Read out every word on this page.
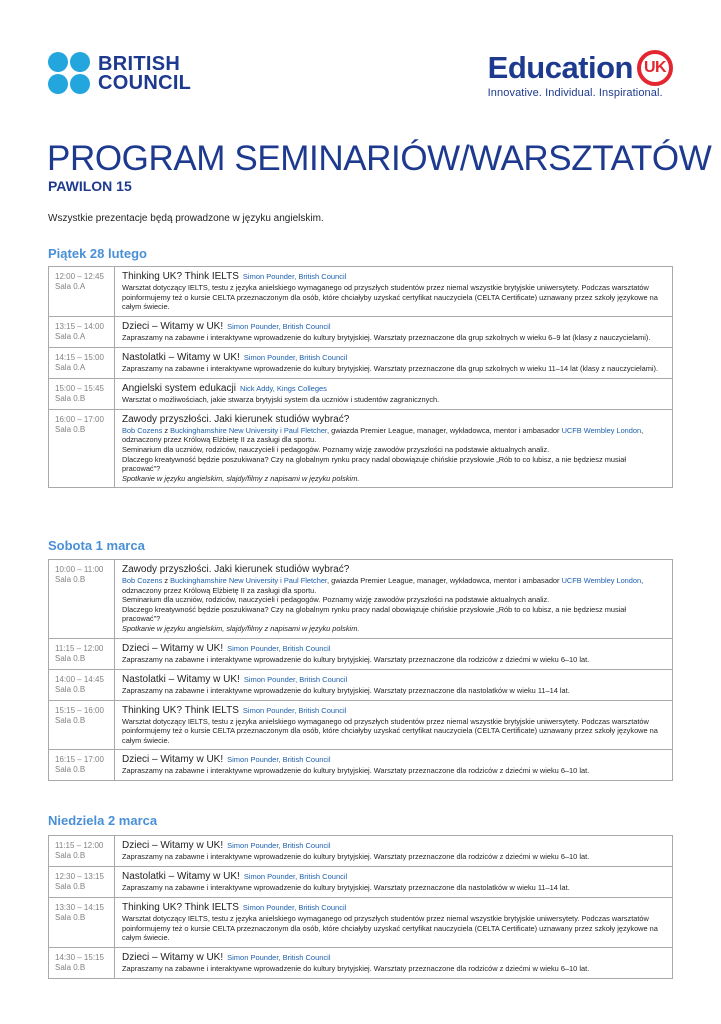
BRITISH
COUNCIL	Education UK
Innovative. Individual. Inspirational.
PROGRAM SEMINARIÓW/WARSZTATÓW
PAWILON 15
Wszystkie prezentacje będą prowadzone w języku angielskim.
Piątek 28 lutego
12:00 – 12:45
Sala 0.A
Thinking UK? Think IELTS Simon Pounder, British Council
Warsztat dotyczący IELTS, testu z języka anielskiego wymaganego od przyszłych studentów przez niemal wszystkie brytyjskie uniwersytety. Podczas warsztatów poinformujemy też o kursie CELTA przeznaczonym dla osób, które chciałyby uzyskać certyfikat nauczyciela (CELTA Certificate) uznawany przez szkoły językowe na całym świecie.
13:15 – 14:00
Sala 0.A
Dzieci – Witamy w UK! Simon Pounder, British Council
Zapraszamy na zabawne i interaktywne wprowadzenie do kultury brytyjskiej. Warsztaty przeznaczone dla grup szkolnych w wieku 6–9 lat (klasy z nauczycielami).
14:15 – 15:00
Sala 0.A
Nastolatki – Witamy w UK! Simon Pounder, British Council
Zapraszamy na zabawne i interaktywne wprowadzenie do kultury brytyjskiej. Warsztaty przeznaczone dla grup szkolnych w wieku 11–14 lat (klasy z nauczycielami).
15:00 – 15:45
Sala 0.B
Angielski system edukacji Nick Addy, Kings Colleges
Warsztat o możliwościach, jakie stwarza brytyjski system dla uczniów i studentów zagranicznych.
16:00 – 17:00
Sala 0.B
Zawody przyszłości. Jaki kierunek studiów wybrać?
Bob Cozens z Buckinghamshire New University i Paul Fletcher, gwiazda Premier League, manager, wykładowca, mentor i ambasador UCFB Wembley London, odznaczony przez Królową Elżbietę II za zasługi dla sportu.
Seminarium dla uczniów, rodziców, nauczycieli i pedagogów. Poznamy wizję zawodów przyszłości na podstawie aktualnych analiz.
Dlaczego kreatywność będzie poszukiwana? Czy na globalnym rynku pracy nadal obowiązuje chińskie przysłowie „Rób to co lubisz, a nie będziesz musiał pracować”?
Spotkanie w języku angielskim, slajdy/filmy z napisami w języku polskim.
Sobota 1 marca
10:00 – 11:00
Sala 0.B
Zawody przyszłości. Jaki kierunek studiów wybrać?
Bob Cozens z Buckinghamshire New University i Paul Fletcher, gwiazda Premier League, manager, wykładowca, mentor i ambasador UCFB Wembley London, odznaczony przez Królową Elżbietę II za zasługi dla sportu.
Seminarium dla uczniów, rodziców, nauczycieli i pedagogów. Poznamy wizję zawodów przyszłości na podstawie aktualnych analiz.
Dlaczego kreatywność będzie poszukiwana? Czy na globalnym rynku pracy nadal obowiązuje chińskie przysłowie „Rób to co lubisz, a nie będziesz musiał pracować”?
Spotkanie w języku angielskim, slajdy/filmy z napisami w języku polskim.
11:15 – 12:00
Sala 0.B
Dzieci – Witamy w UK! Simon Pounder, British Council
Zapraszamy na zabawne i interaktywne wprowadzenie do kultury brytyjskiej. Warsztaty przeznaczone dla rodziców z dziećmi w wieku 6–10 lat.
14:00 – 14:45
Sala 0.B
Nastolatki – Witamy w UK! Simon Pounder, British Council
Zapraszamy na zabawne i interaktywne wprowadzenie do kultury brytyjskiej. Warsztaty przeznaczone dla nastolatków w wieku 11–14 lat.
15:15 – 16:00
Sala 0.B
Thinking UK? Think IELTS Simon Pounder, British Council
Warsztat dotyczący IELTS, testu z języka anielskiego wymaganego od przyszłych studentów przez niemal wszystkie brytyjskie uniwersytety. Podczas warsztatów poinformujemy też o kursie CELTA przeznaczonym dla osób, które chciałyby uzyskać certyfikat nauczyciela (CELTA Certificate) uznawany przez szkoły językowe na całym świecie.
16:15 – 17:00
Sala 0.B
Dzieci – Witamy w UK! Simon Pounder, British Council
Zapraszamy na zabawne i interaktywne wprowadzenie do kultury brytyjskiej. Warsztaty przeznaczone dla rodziców z dziećmi w wieku 6–10 lat.
Niedziela 2 marca
11:15 – 12:00
Sala 0.B
Dzieci – Witamy w UK! Simon Pounder, British Council
Zapraszamy na zabawne i interaktywne wprowadzenie do kultury brytyjskiej. Warsztaty przeznaczone dla rodziców z dziećmi w wieku 6–10 lat.
12:30 – 13:15
Sala 0.B
Nastolatki – Witamy w UK! Simon Pounder, British Council
Zapraszamy na zabawne i interaktywne wprowadzenie do kultury brytyjskiej. Warsztaty przeznaczone dla nastolatków w wieku 11–14 lat.
13:30 – 14:15
Sala 0.B
Thinking UK? Think IELTS Simon Pounder, British Council
Warsztat dotyczący IELTS, testu z języka anielskiego wymaganego od przyszłych studentów przez niemal wszystkie brytyjskie uniwersytety. Podczas warsztatów poinformujemy też o kursie CELTA przeznaczonym dla osób, które chciałyby uzyskać certyfikat nauczyciela (CELTA Certificate) uznawany przez szkoły językowe na całym świecie.
14:30 – 15:15
Sala 0.B
Dzieci – Witamy w UK! Simon Pounder, British Council
Zapraszamy na zabawne i interaktywne wprowadzenie do kultury brytyjskiej. Warsztaty przeznaczone dla rodziców z dziećmi w wieku 6–10 lat.
